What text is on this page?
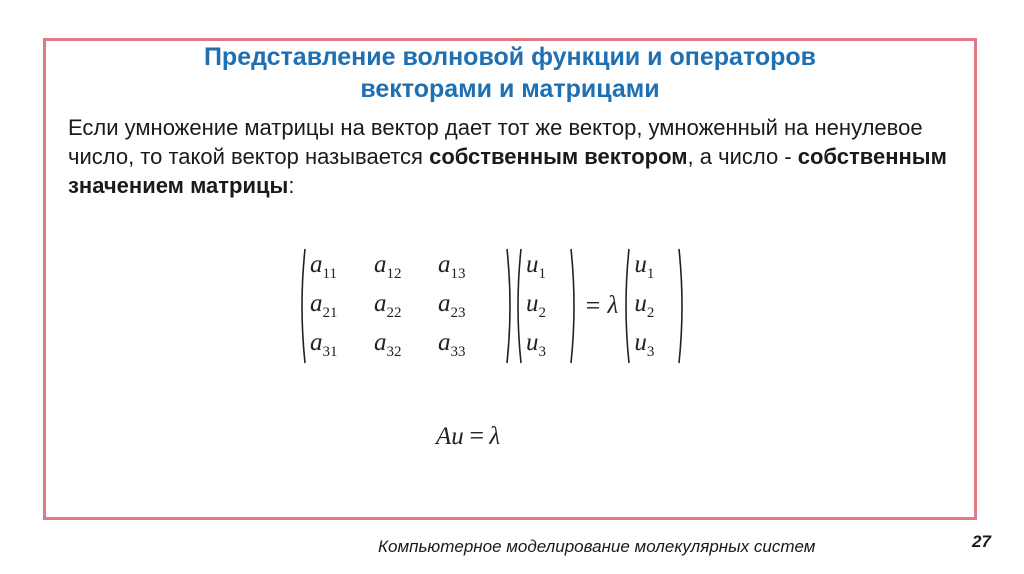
Представление волновой функции и операторов
векторами и матрицами
Если умножение матрицы на вектор дает тот же вектор, умноженный на ненулевое число, то такой вектор называется собственным вектором, а число - собственным значением матрицы:
$a_{11}$	$a_{12}$	$a_{13}$
$a_{21}$	$a_{22}$	$a_{23}$
$a_{31}$	$a_{32}$	$a_{33}$
$u_1$
$u_2$
$u_3$
= λ
$u_1$
$u_2$
$u_3$
Au = λ
Компьютерное моделирование молекулярных систем	27
